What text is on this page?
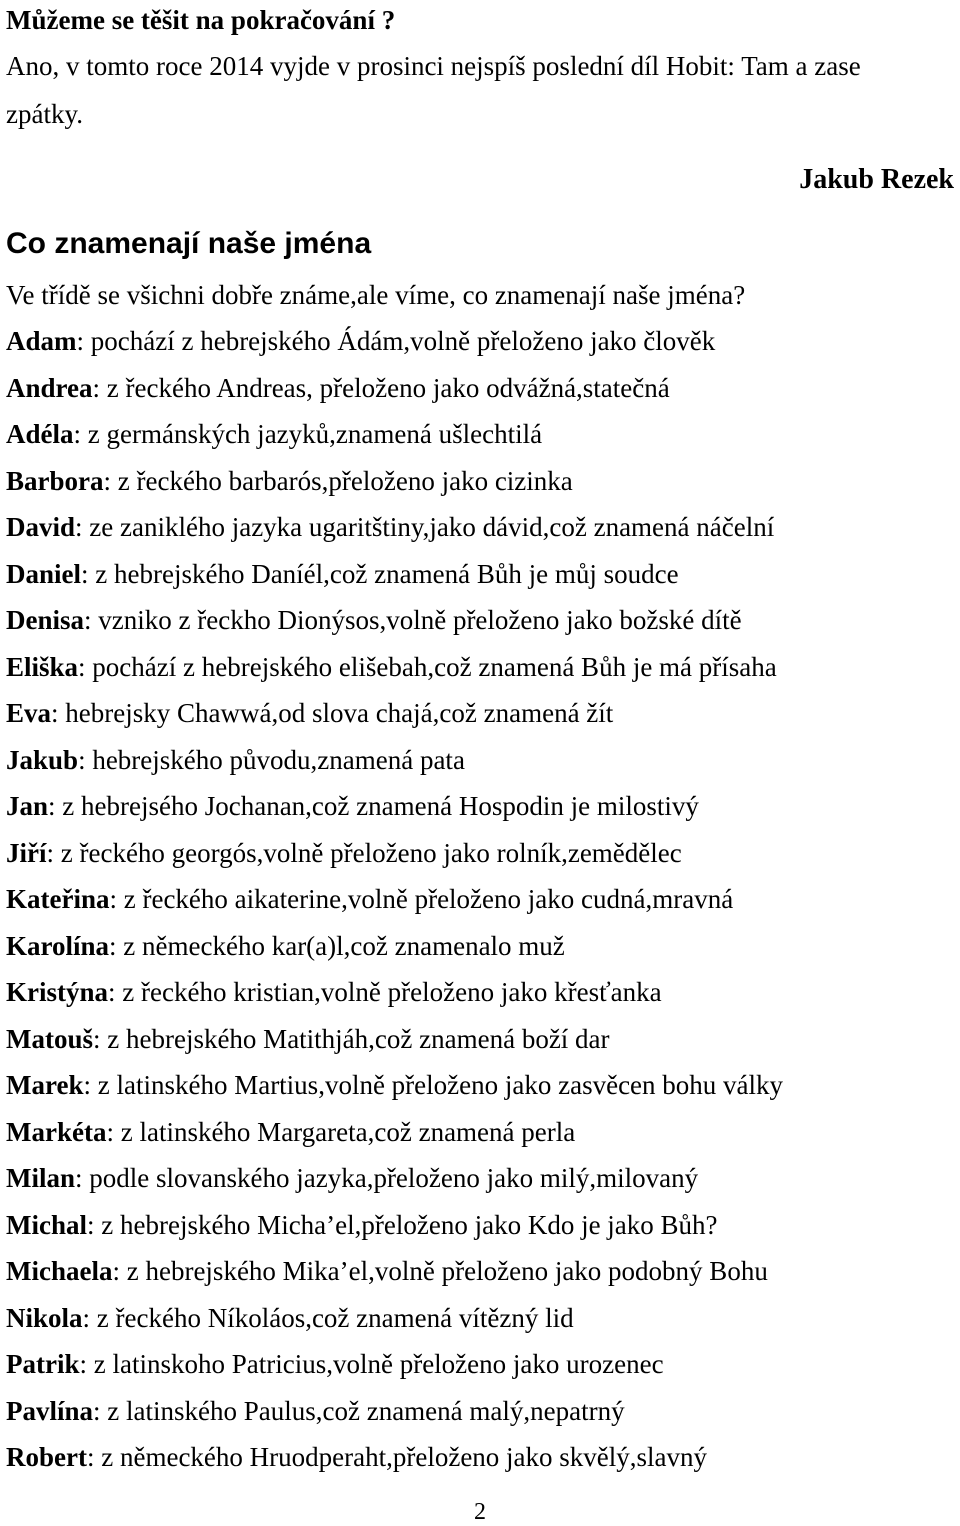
Můžeme se těšit na pokračování ?
Ano, v tomto roce 2014 vyjde v prosinci nejspíš poslední díl Hobit: Tam a zase
zpátky.
Jakub Rezek
Co znamenají naše jména
Ve třídě se všichni dobře známe,ale víme, co znamenají naše jména?
Adam: pochází z hebrejského Ádám,volně přeloženo jako člověk
Andrea: z řeckého Andreas, přeloženo jako odvážná,statečná
Adéla: z germánských jazyků,znamená ušlechtilá
Barbora: z řeckého barbarós,přeloženo jako cizinka
David: ze zaniklého jazyka ugaritštiny,jako dávid,což znamená náčelní
Daniel: z hebrejského Daníél,což znamená Bůh je můj soudce
Denisa: vzniko z řeckho Dionýsos,volně přeloženo jako božské dítě
Eliška: pochází z hebrejského elišebah,což znamená Bůh je má přísaha
Eva: hebrejsky Chawwá,od slova chajá,což znamená žít
Jakub: hebrejského původu,znamená pata
Jan: z hebrejsého Jochanan,což znamená Hospodin je milostivý
Jiří: z řeckého georgós,volně přeloženo jako rolník,zemědělec
Kateřina: z řeckého aikaterine,volně přeloženo jako cudná,mravná
Karolína: z německého kar(a)l,což znamenalo muž
Kristýna: z řeckého kristian,volně přeloženo jako křesťanka
Matouš: z hebrejského Matithjáh,což znamená boží dar
Marek: z latinského Martius,volně přeloženo jako zasvěcen bohu války
Markéta: z latinského Margareta,což znamená perla
Milan: podle slovanského jazyka,přeloženo jako milý,milovaný
Michal: z hebrejského Micha’el,přeloženo jako Kdo je jako Bůh?
Michaela: z hebrejského Mika’el,volně přeloženo jako podobný Bohu
Nikola: z řeckého Níkoláos,což znamená vítězný lid
Patrik: z latinskoho Patricius,volně přeloženo jako urozenec
Pavlína: z latinského Paulus,což znamená malý,nepatrný
Robert: z německého Hruodperaht,přeloženo jako skvělý,slavný
2
